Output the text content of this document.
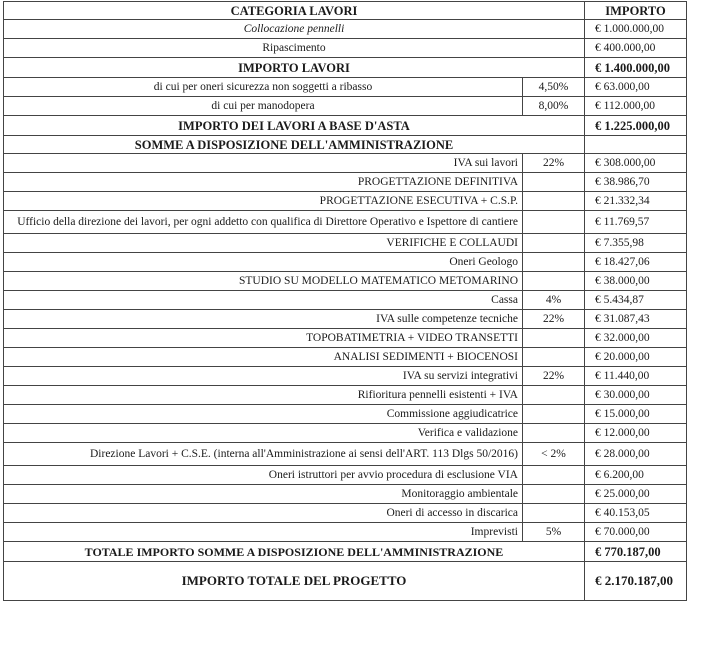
CATEGORIA LAVORI		IMPORTO
Collocazione pennelli		€ 1.000.000,00
Ripascimento		€ 400.000,00
IMPORTO LAVORI		€ 1.400.000,00
di cui per oneri sicurezza non soggetti a ribasso	4,50%	€ 63.000,00
di cui per manodopera	8,00%	€ 112.000,00
IMPORTO DEI LAVORI A BASE D'ASTA		€ 1.225.000,00
SOMME A DISPOSIZIONE DELL'AMMINISTRAZIONE		
IVA sui lavori	22%	€ 308.000,00
PROGETTAZIONE DEFINITIVA		€ 38.986,70
PROGETTAZIONE ESECUTIVA + C.S.P.		€ 21.332,34
Ufficio della direzione dei lavori, per ogni addetto con qualifica di Direttore Operativo e Ispettore di cantiere		€ 11.769,57
VERIFICHE E COLLAUDI		€ 7.355,98
Oneri Geologo		€ 18.427,06
STUDIO SU MODELLO MATEMATICO METOMARINO		€ 38.000,00
Cassa	4%	€ 5.434,87
IVA sulle competenze tecniche	22%	€ 31.087,43
TOPOBATIMETRIA + VIDEO TRANSETTI		€ 32.000,00
ANALISI SEDIMENTI + BIOCENOSI		€ 20.000,00
IVA su servizi integrativi	22%	€ 11.440,00
Rifioritura pennelli esistenti + IVA		€ 30.000,00
Commissione aggiudicatrice		€ 15.000,00
Verifica e validazione		€ 12.000,00
Direzione Lavori + C.S.E. (interna all'Amministrazione ai sensi dell'ART. 113 Dlgs 50/2016)	< 2%	€ 28.000,00
Oneri istruttori per avvio procedura di esclusione VIA		€ 6.200,00
Monitoraggio ambientale		€ 25.000,00
Oneri di accesso in discarica		€ 40.153,05
Imprevisti	5%	€ 70.000,00
TOTALE IMPORTO SOMME A DISPOSIZIONE DELL'AMMINISTRAZIONE		€ 770.187,00
IMPORTO TOTALE DEL PROGETTO		€ 2.170.187,00
